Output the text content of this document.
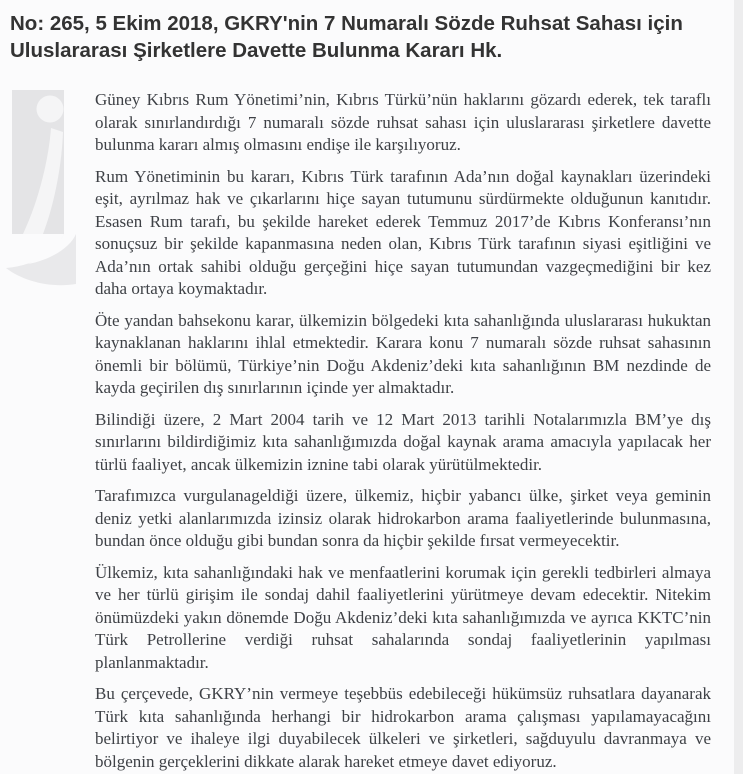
No: 265, 5 Ekim 2018, GKRY'nin 7 Numaralı Sözde Ruhsat Sahası için Uluslararası Şirketlere Davette Bulunma Kararı Hk.

Güney Kıbrıs Rum Yönetimi’nin, Kıbrıs Türkü’nün haklarını gözardı ederek, tek taraflı olarak sınırlandırdığı 7 numaralı sözde ruhsat sahası için uluslararası şirketlere davette bulunma kararı almış olmasını endişe ile karşılıyoruz.

Rum Yönetiminin bu kararı, Kıbrıs Türk tarafının Ada’nın doğal kaynakları üzerindeki eşit, ayrılmaz hak ve çıkarlarını hiçe sayan tutumunu sürdürmekte olduğunun kanıtıdır. Esasen Rum tarafı, bu şekilde hareket ederek Temmuz 2017’de Kıbrıs Konferansı’nın sonuçsuz bir şekilde kapanmasına neden olan, Kıbrıs Türk tarafının siyasi eşitliğini ve Ada’nın ortak sahibi olduğu gerçeğini hiçe sayan tutumundan vazgeçmediğini bir kez daha ortaya koymaktadır.

Öte yandan bahsekonu karar, ülkemizin bölgedeki kıta sahanlığında uluslararası hukuktan kaynaklanan haklarını ihlal etmektedir. Karara konu 7 numaralı sözde ruhsat sahasının önemli bir bölümü, Türkiye’nin Doğu Akdeniz’deki kıta sahanlığının BM nezdinde de kayda geçirilen dış sınırlarının içinde yer almaktadır.

Bilindiği üzere, 2 Mart 2004 tarih ve 12 Mart 2013 tarihli Notalarımızla BM’ye dış sınırlarını bildirdiğimiz kıta sahanlığımızda doğal kaynak arama amacıyla yapılacak her türlü faaliyet, ancak ülkemizin iznine tabi olarak yürütülmektedir.

Tarafımızca vurgulanageldiği üzere, ülkemiz, hiçbir yabancı ülke, şirket veya geminin deniz yetki alanlarımızda izinsiz olarak hidrokarbon arama faaliyetlerinde bulunmasına, bundan önce olduğu gibi bundan sonra da hiçbir şekilde fırsat vermeyecektir.

Ülkemiz, kıta sahanlığındaki hak ve menfaatlerini korumak için gerekli tedbirleri almaya ve her türlü girişim ile sondaj dahil faaliyetlerini yürütmeye devam edecektir. Nitekim önümüzdeki yakın dönemde Doğu Akdeniz’deki kıta sahanlığımızda ve ayrıca KKTC’nin Türk Petrollerine verdiği ruhsat sahalarında sondaj faaliyetlerinin yapılması planlanmaktadır.

Bu çerçevede, GKRY’nin vermeye teşebbüs edebileceği hükümsüz ruhsatlara dayanarak Türk kıta sahanlığında herhangi bir hidrokarbon arama çalışması yapılamayacağını belirtiyor ve ihaleye ilgi duyabilecek ülkeleri ve şirketleri, sağduyulu davranmaya ve bölgenin gerçeklerini dikkate alarak hareket etmeye davet ediyoruz.
